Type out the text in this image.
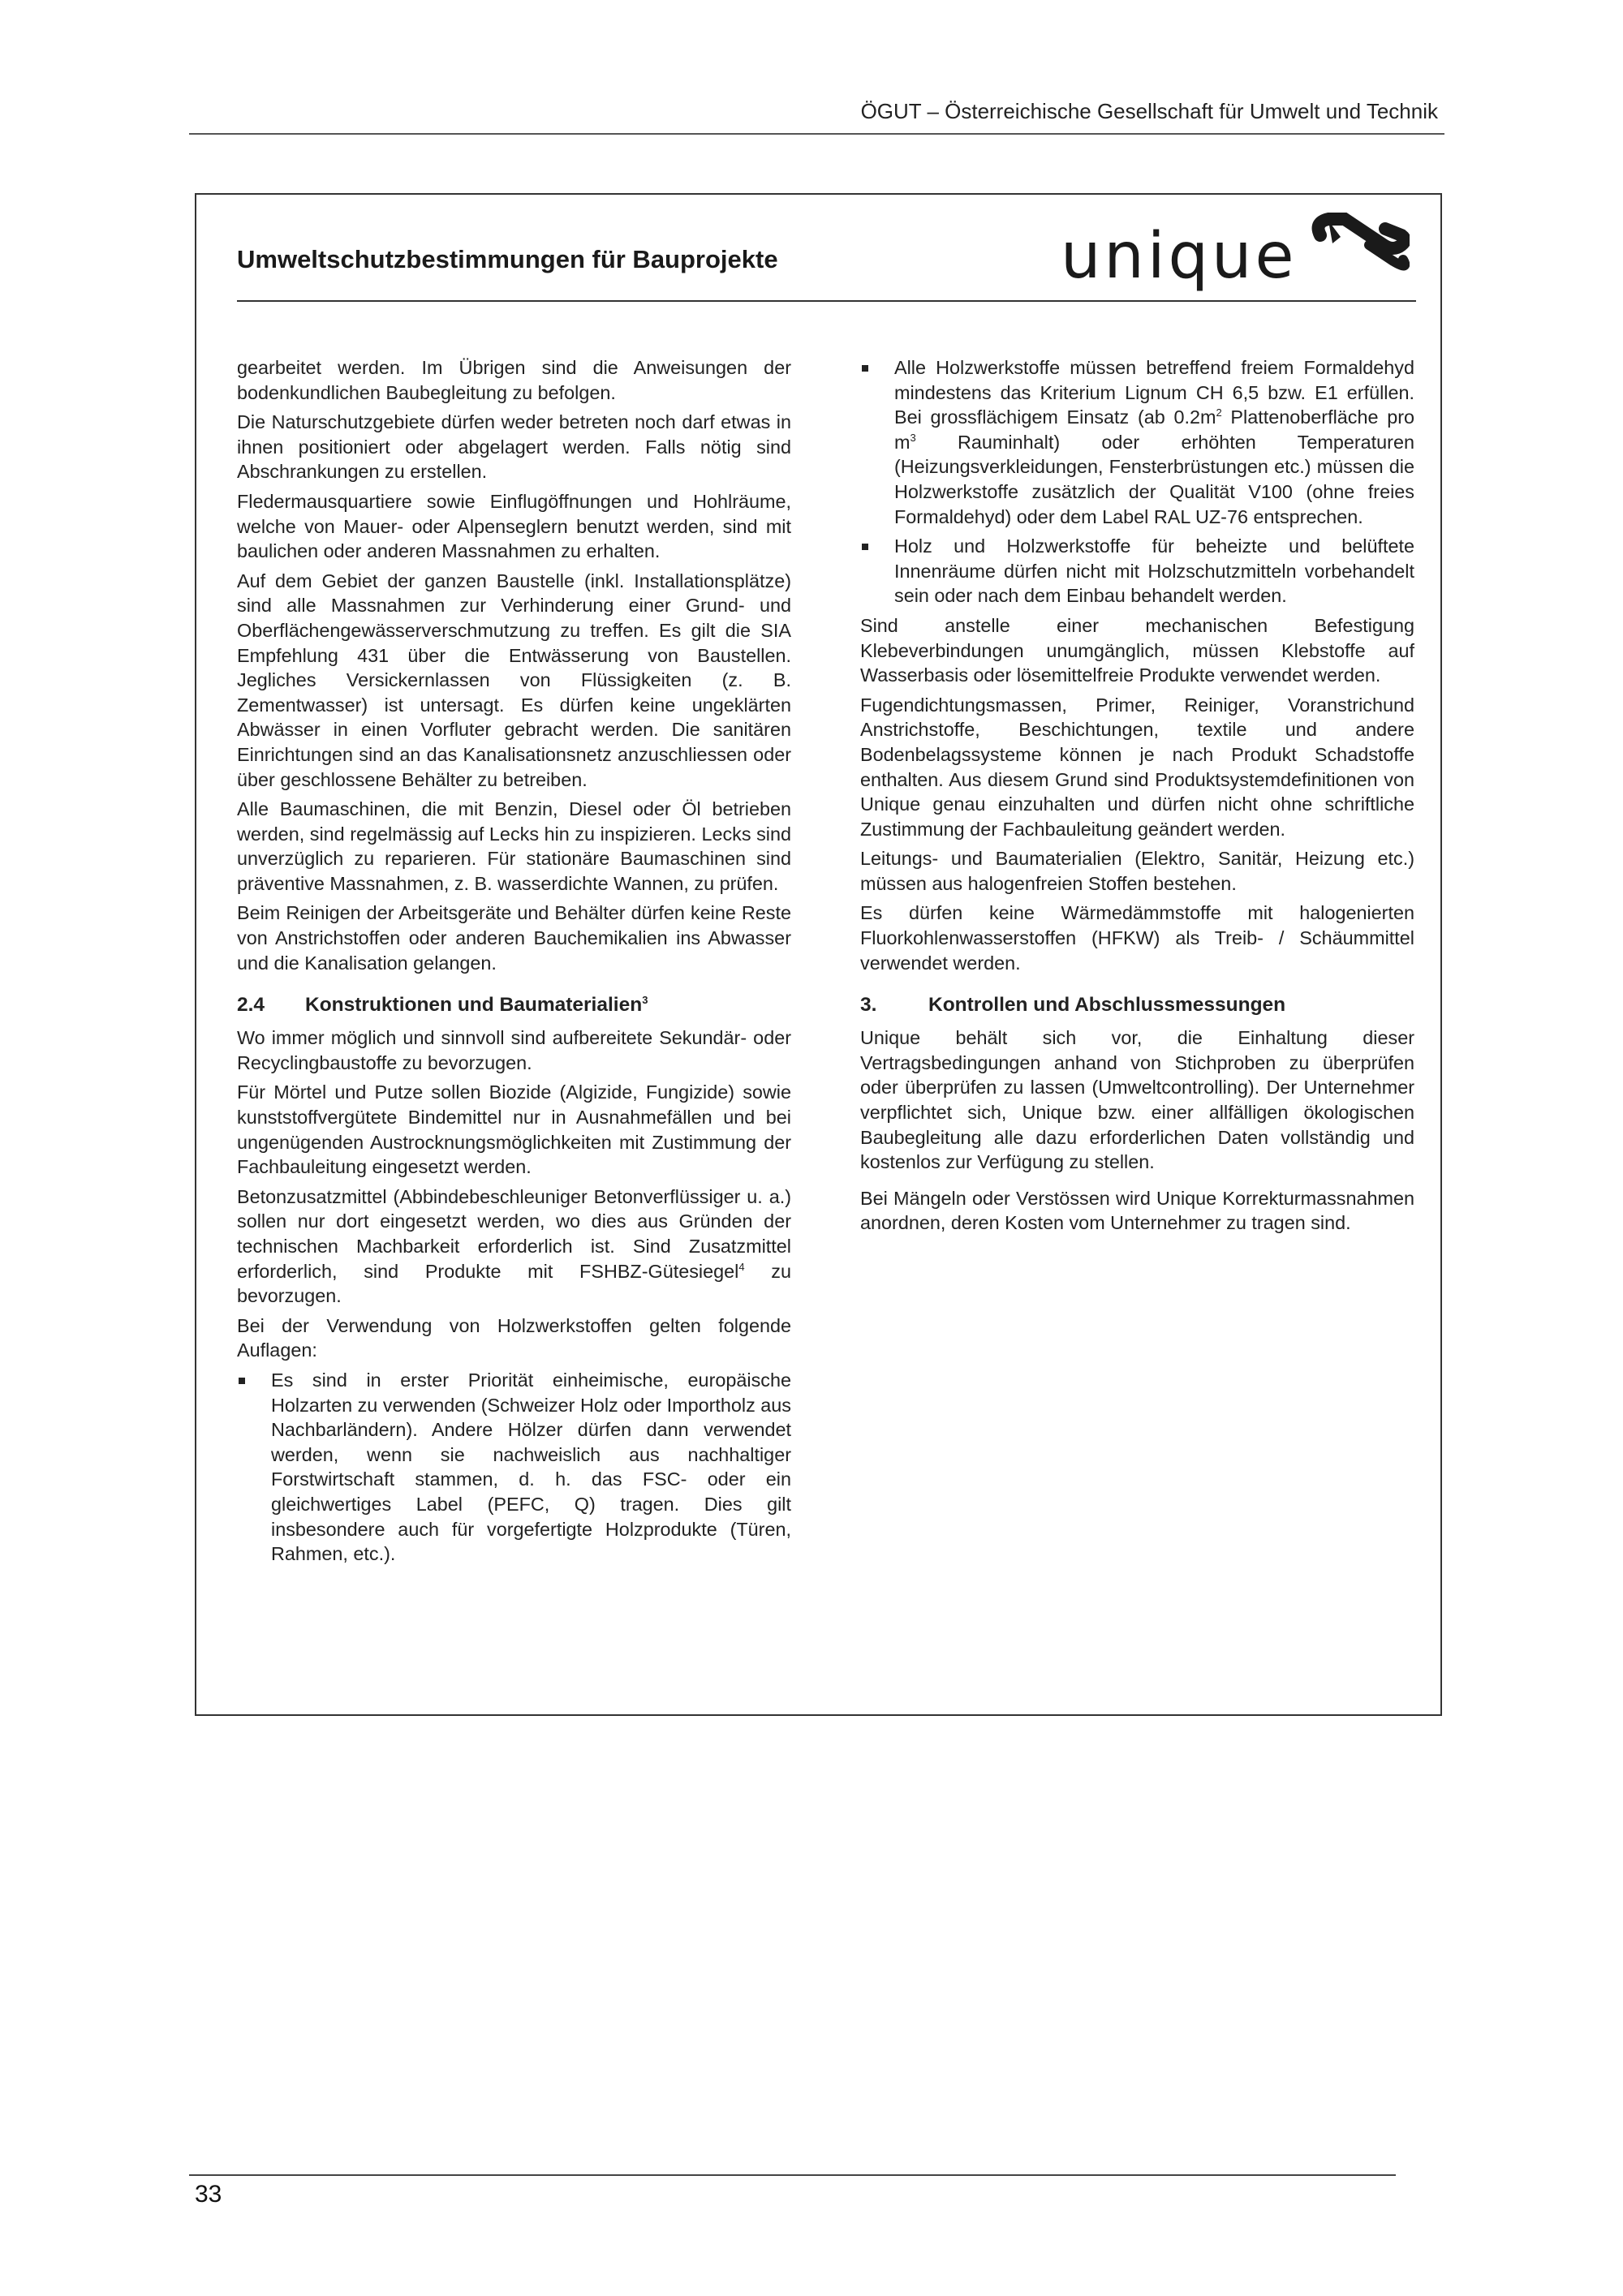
ÖGUT – Österreichische Gesellschaft für Umwelt und Technik
Umweltschutzbestimmungen für Bauprojekte	unique

gearbeitet werden. Im Übrigen sind die Anweisungen der bodenkundlichen Baubegleitung zu befolgen.

Die Naturschutzgebiete dürfen weder betreten noch darf etwas in ihnen positioniert oder abgelagert werden. Falls nötig sind Abschrankungen zu erstellen.

Fledermausquartiere sowie Einflugöffnungen und Hohlräume, welche von Mauer- oder Alpenseglern benutzt werden, sind mit baulichen oder anderen Massnahmen zu erhalten.

Auf dem Gebiet der ganzen Baustelle (inkl. Installationsplätze) sind alle Massnahmen zur Verhinderung einer Grund- und Oberflächengewässerverschmutzung zu treffen. Es gilt die SIA Empfehlung 431 über die Entwässerung von Baustellen. Jegliches Versickernlassen von Flüssigkeiten (z. B. Zementwasser) ist untersagt. Es dürfen keine ungeklärten Abwässer in einen Vorfluter gebracht werden. Die sanitären Einrichtungen sind an das Kanalisationsnetz anzuschliessen oder über geschlossene Behälter zu betreiben.

Alle Baumaschinen, die mit Benzin, Diesel oder Öl betrieben werden, sind regelmässig auf Lecks hin zu inspizieren. Lecks sind unverzüglich zu reparieren. Für stationäre Baumaschinen sind präventive Massnahmen, z. B. wasserdichte Wannen, zu prüfen.

Beim Reinigen der Arbeitsgeräte und Behälter dürfen keine Reste von Anstrichstoffen oder anderen Bauchemikalien ins Abwasser und die Kanalisation gelangen.

2.4 Konstruktionen und Baumaterialien$^3$

Wo immer möglich und sinnvoll sind aufbereitete Sekundär- oder Recyclingbaustoffe zu bevorzugen.

Für Mörtel und Putze sollen Biozide (Algizide, Fungizide) sowie kunststoffvergütete Bindemittel nur in Ausnahmefällen und bei ungenügenden Austrocknungsmöglichkeiten mit Zustimmung der Fachbauleitung eingesetzt werden.

Betonzusatzmittel (Abbindebeschleuniger Betonverflüssiger u. a.) sollen nur dort eingesetzt werden, wo dies aus Gründen der technischen Machbarkeit erforderlich ist. Sind Zusatzmittel erforderlich, sind Produkte mit FSHBZ-Gütesiegel$^4$ zu bevorzugen.

Bei der Verwendung von Holzwerkstoffen gelten folgende Auflagen:

Es sind in erster Priorität einheimische, europäische Holzarten zu verwenden (Schweizer Holz oder Importholz aus Nachbarländern). Andere Hölzer dürfen dann verwendet werden, wenn sie nachweislich aus nachhaltiger Forstwirtschaft stammen, d. h. das FSC- oder ein gleichwertiges Label (PEFC, Q) tragen. Dies gilt insbesondere auch für vorgefertigte Holzprodukte (Türen, Rahmen, etc.).
Alle Holzwerkstoffe müssen betreffend freiem Formaldehyd mindestens das Kriterium Lignum CH 6,5 bzw. E1 erfüllen. Bei grossflächigem Einsatz (ab $0.2m^2$ Plattenoberfläche pro $m^3$ Rauminhalt) oder erhöhten Temperaturen (Heizungsverkleidungen, Fensterbrüstungen etc.) müssen die Holzwerkstoffe zusätzlich der Qualität V100 (ohne freies Formaldehyd) oder dem Label RAL UZ-76 entsprechen.
Holz und Holzwerkstoffe für beheizte und belüftete Innenräume dürfen nicht mit Holzschutzmitteln vorbehandelt sein oder nach dem Einbau behandelt werden.

Sind anstelle einer mechanischen Befestigung Klebeverbindungen unumgänglich, müssen Klebstoffe auf Wasserbasis oder lösemittelfreie Produkte verwendet werden.

Fugendichtungsmassen, Primer, Reiniger, Voranstrichund Anstrichstoffe, Beschichtungen, textile und andere Bodenbelagssysteme können je nach Produkt Schadstoffe enthalten. Aus diesem Grund sind Produktsystemdefinitionen von Unique genau einzuhalten und dürfen nicht ohne schriftliche Zustimmung der Fachbauleitung geändert werden.

Leitungs- und Baumaterialien (Elektro, Sanitär, Heizung etc.) müssen aus halogenfreien Stoffen bestehen.

Es dürfen keine Wärmedämmstoffe mit halogenierten Fluorkohlenwasserstoffen (HFKW) als Treib- / Schäummittel verwendet werden.

3.	Kontrollen und Abschlussmessungen

Unique behält sich vor, die Einhaltung dieser Vertragsbedingungen anhand von Stichproben zu überprüfen oder überprüfen zu lassen (Umweltcontrolling). Der Unternehmer verpflichtet sich, Unique bzw. einer allfälligen ökologischen Baubegleitung alle dazu erforderlichen Daten vollständig und kostenlos zur Verfügung zu stellen.

Bei Mängeln oder Verstössen wird Unique Korrekturmassnahmen anordnen, deren Kosten vom Unternehmer zu tragen sind.

33
